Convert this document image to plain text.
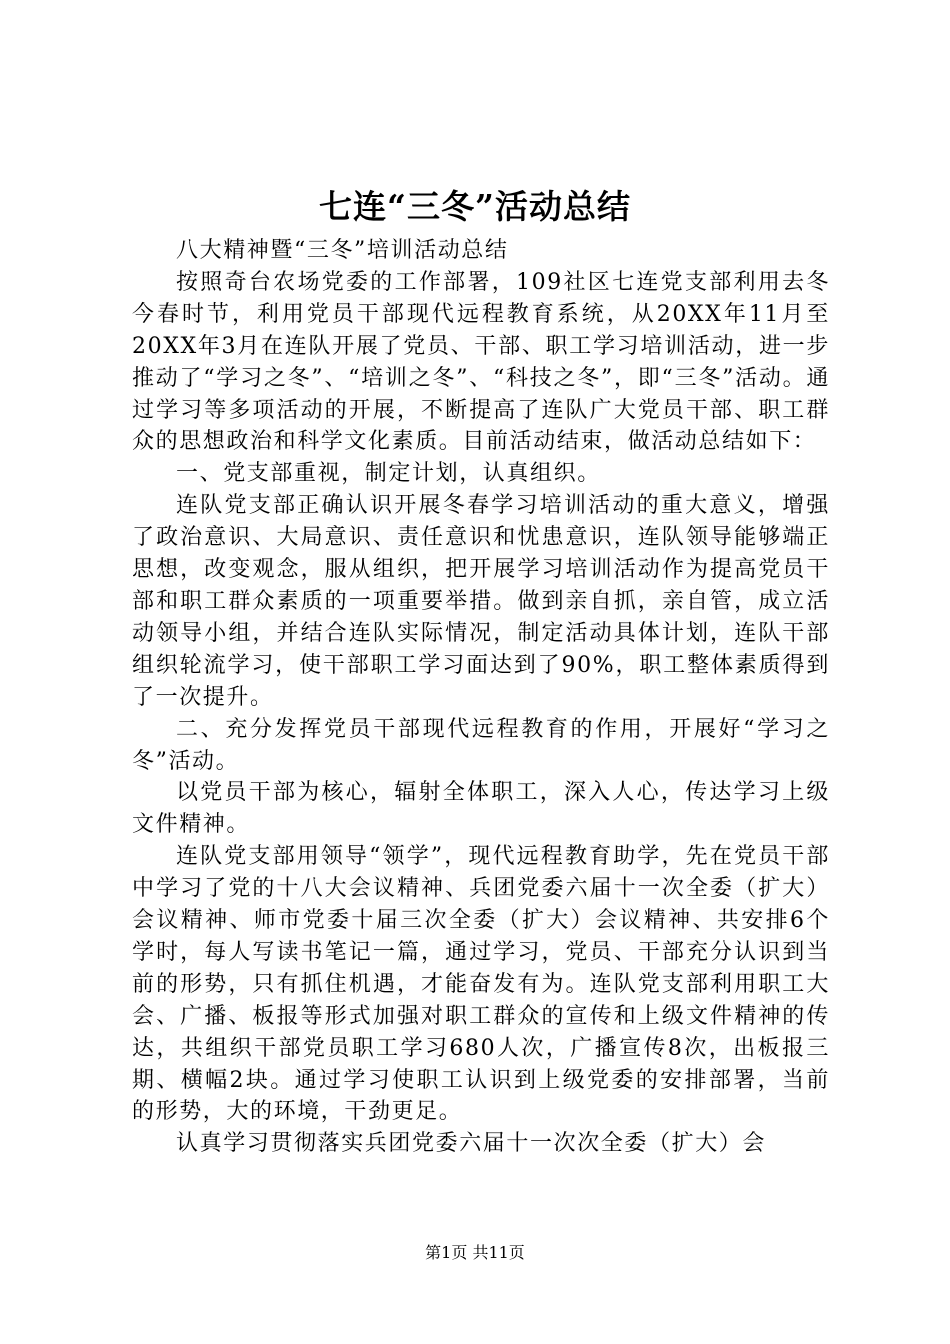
七连“三冬”活动总结

八大精神暨“三冬”培训活动总结

按照奇台农场党委的工作部署，109社区七连党支部利用去冬今春时节，利用党员干部现代远程教育系统，从20XX年11月至20XX年3月在连队开展了党员、干部、职工学习培训活动，进一步推动了“学习之冬”、“培训之冬”、“科技之冬”，即“三冬”活动。通过学习等多项活动的开展，不断提高了连队广大党员干部、职工群众的思想政治和科学文化素质。目前活动结束，做活动总结如下：

一、党支部重视，制定计划，认真组织。

连队党支部正确认识开展冬春学习培训活动的重大意义，增强了政治意识、大局意识、责任意识和忧患意识，连队领导能够端正思想，改变观念，服从组织，把开展学习培训活动作为提高党员干部和职工群众素质的一项重要举措。做到亲自抓，亲自管，成立活动领导小组，并结合连队实际情况，制定活动具体计划，连队干部组织轮流学习，使干部职工学习面达到了90%，职工整体素质得到了一次提升。

二、充分发挥党员干部现代远程教育的作用，开展好“学习之冬”活动。

以党员干部为核心，辐射全体职工，深入人心，传达学习上级文件精神。

连队党支部用领导“领学”，现代远程教育助学，先在党员干部中学习了党的十八大会议精神、兵团党委六届十一次全委（扩大）会议精神、师市党委十届三次全委（扩大）会议精神、共安排6个学时，每人写读书笔记一篇，通过学习，党员、干部充分认识到当前的形势，只有抓住机遇，才能奋发有为。连队党支部利用职工大会、广播、板报等形式加强对职工群众的宣传和上级文件精神的传达，共组织干部党员职工学习680人次，广播宣传8次，出板报三期、横幅2块。通过学习使职工认识到上级党委的安排部署，当前的形势，大的环境，干劲更足。

认真学习贯彻落实兵团党委六届十一次次全委（扩大）会

第1页 共11页
